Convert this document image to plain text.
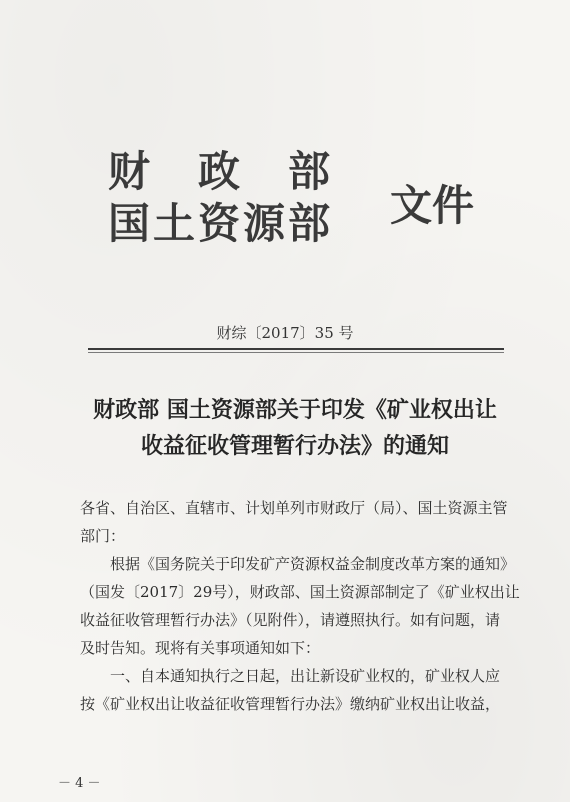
财 政 部
国 土 资 源 部 文件
财综〔2017〕35 号
财政部 国土资源部关于印发《矿业权出让
收益征收管理暂行办法》的通知
各省、自治区、直辖市、计划单列市财政厅（局）、国土资源主管
部门：
　　根据《国务院关于印发矿产资源权益金制度改革方案的通知》
（国发〔2017〕29号），财政部、国土资源部制定了《矿业权出让
收益征收管理暂行办法》（见附件），请遵照执行。如有问题，请
及时告知。现将有关事项通知如下：
　　一、自本通知执行之日起，出让新设矿业权的，矿业权人应
按《矿业权出让收益征收管理暂行办法》缴纳矿业权出让收益，
－ 4 －
